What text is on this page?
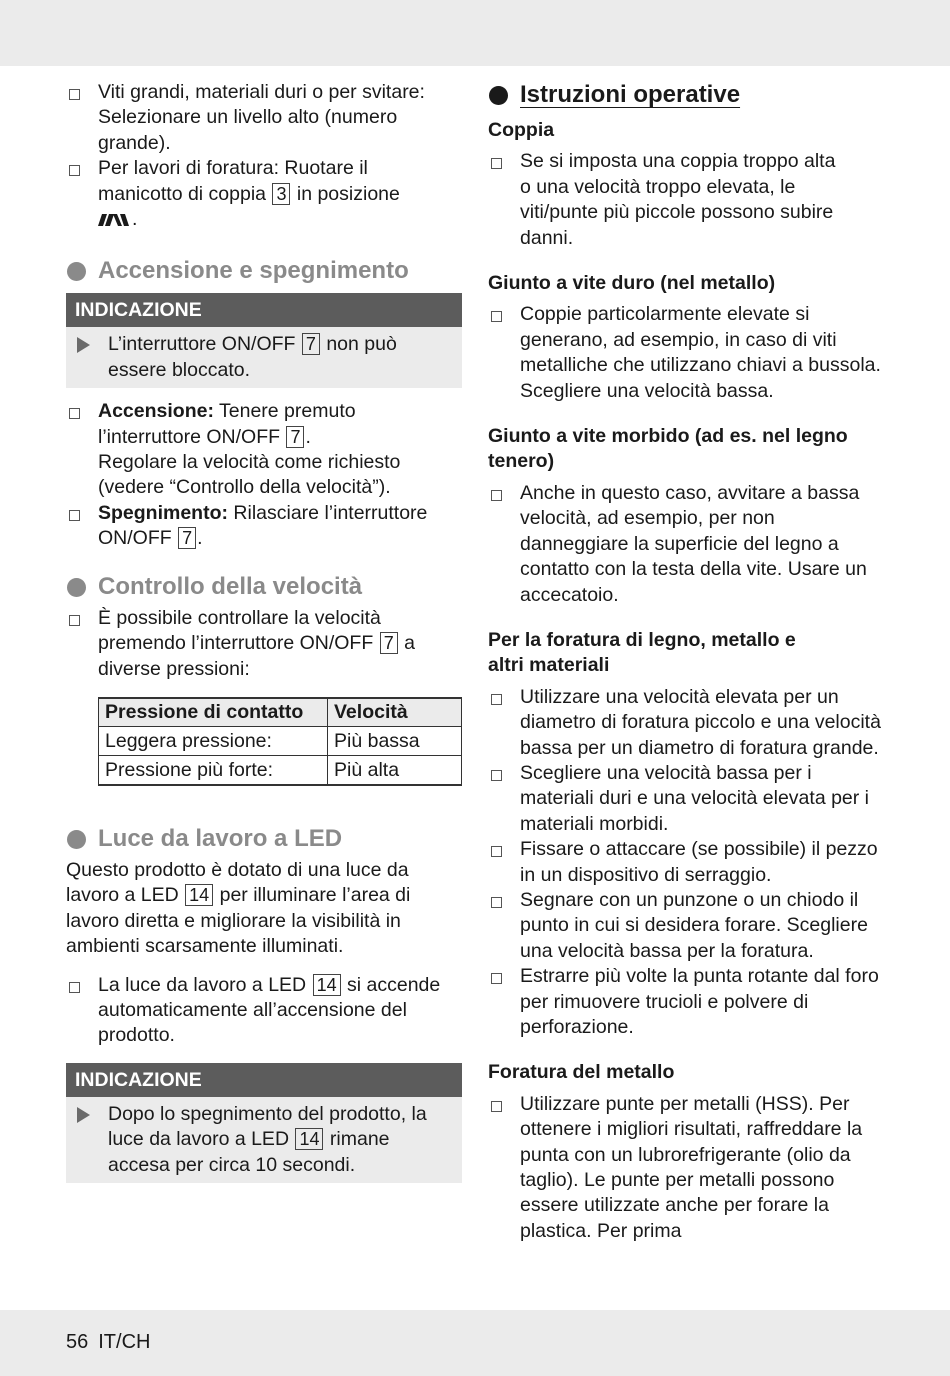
Viti grandi, materiali duri o per svitare: Selezionare un livello alto (numero grande).
Per lavori di foratura: Ruotare il manicotto di coppia 3 in posizione
.
Accensione e spegnimento
INDICAZIONE
L’interruttore ON/OFF 7 non può essere bloccato.
Accensione: Tenere premuto l’interruttore ON/OFF 7 .
Regolare la velocità come richiesto (vedere “Controllo della velocità”).
Spegnimento: Rilasciare l’interruttore ON/OFF 7 .
Controllo della velocità
È possibile controllare la velocità premendo l’interruttore ON/OFF 7 a diverse pressioni:
Pressione di contatto	Velocità
Leggera pressione:	Più bassa
Pressione più forte:	Più alta
Luce da lavoro a LED
Questo prodotto è dotato di una luce da lavoro a LED 14 per illuminare l’area di lavoro diretta e migliorare la visibilità in ambienti scarsamente illuminati.
La luce da lavoro a LED 14 si accende automaticamente all’accensione del prodotto.
INDICAZIONE
Dopo lo spegnimento del prodotto, la luce da lavoro a LED 14 rimane accesa per circa 10 secondi.
Istruzioni operative
Coppia
Se si imposta una coppia troppo alta o una velocità troppo elevata, le viti/punte più piccole possono subire danni.
Giunto a vite duro (nel metallo)
Coppie particolarmente elevate si generano, ad esempio, in caso di viti metalliche che utilizzano chiavi a bussola. Scegliere una velocità bassa.
Giunto a vite morbido (ad es. nel legno tenero)
Anche in questo caso, avvitare a bassa velocità, ad esempio, per non danneggiare la superficie del legno a contatto con la testa della vite. Usare un accecatoio.
Per la foratura di legno, metallo e altri materiali
Utilizzare una velocità elevata per un diametro di foratura piccolo e una velocità bassa per un diametro di foratura grande.
Scegliere una velocità bassa per i materiali duri e una velocità elevata per i materiali morbidi.
Fissare o attaccare (se possibile) il pezzo in un dispositivo di serraggio.
Segnare con un punzone o un chiodo il punto in cui si desidera forare. Scegliere una velocità bassa per la foratura.
Estrarre più volte la punta rotante dal foro per rimuovere trucioli e polvere di perforazione.
Foratura del metallo
Utilizzare punte per metalli (HSS). Per ottenere i migliori risultati, raffreddare la punta con un lubrorefrigerante (olio da taglio). Le punte per metalli possono essere utilizzate anche per forare la plastica. Per prima
56 IT/CH
